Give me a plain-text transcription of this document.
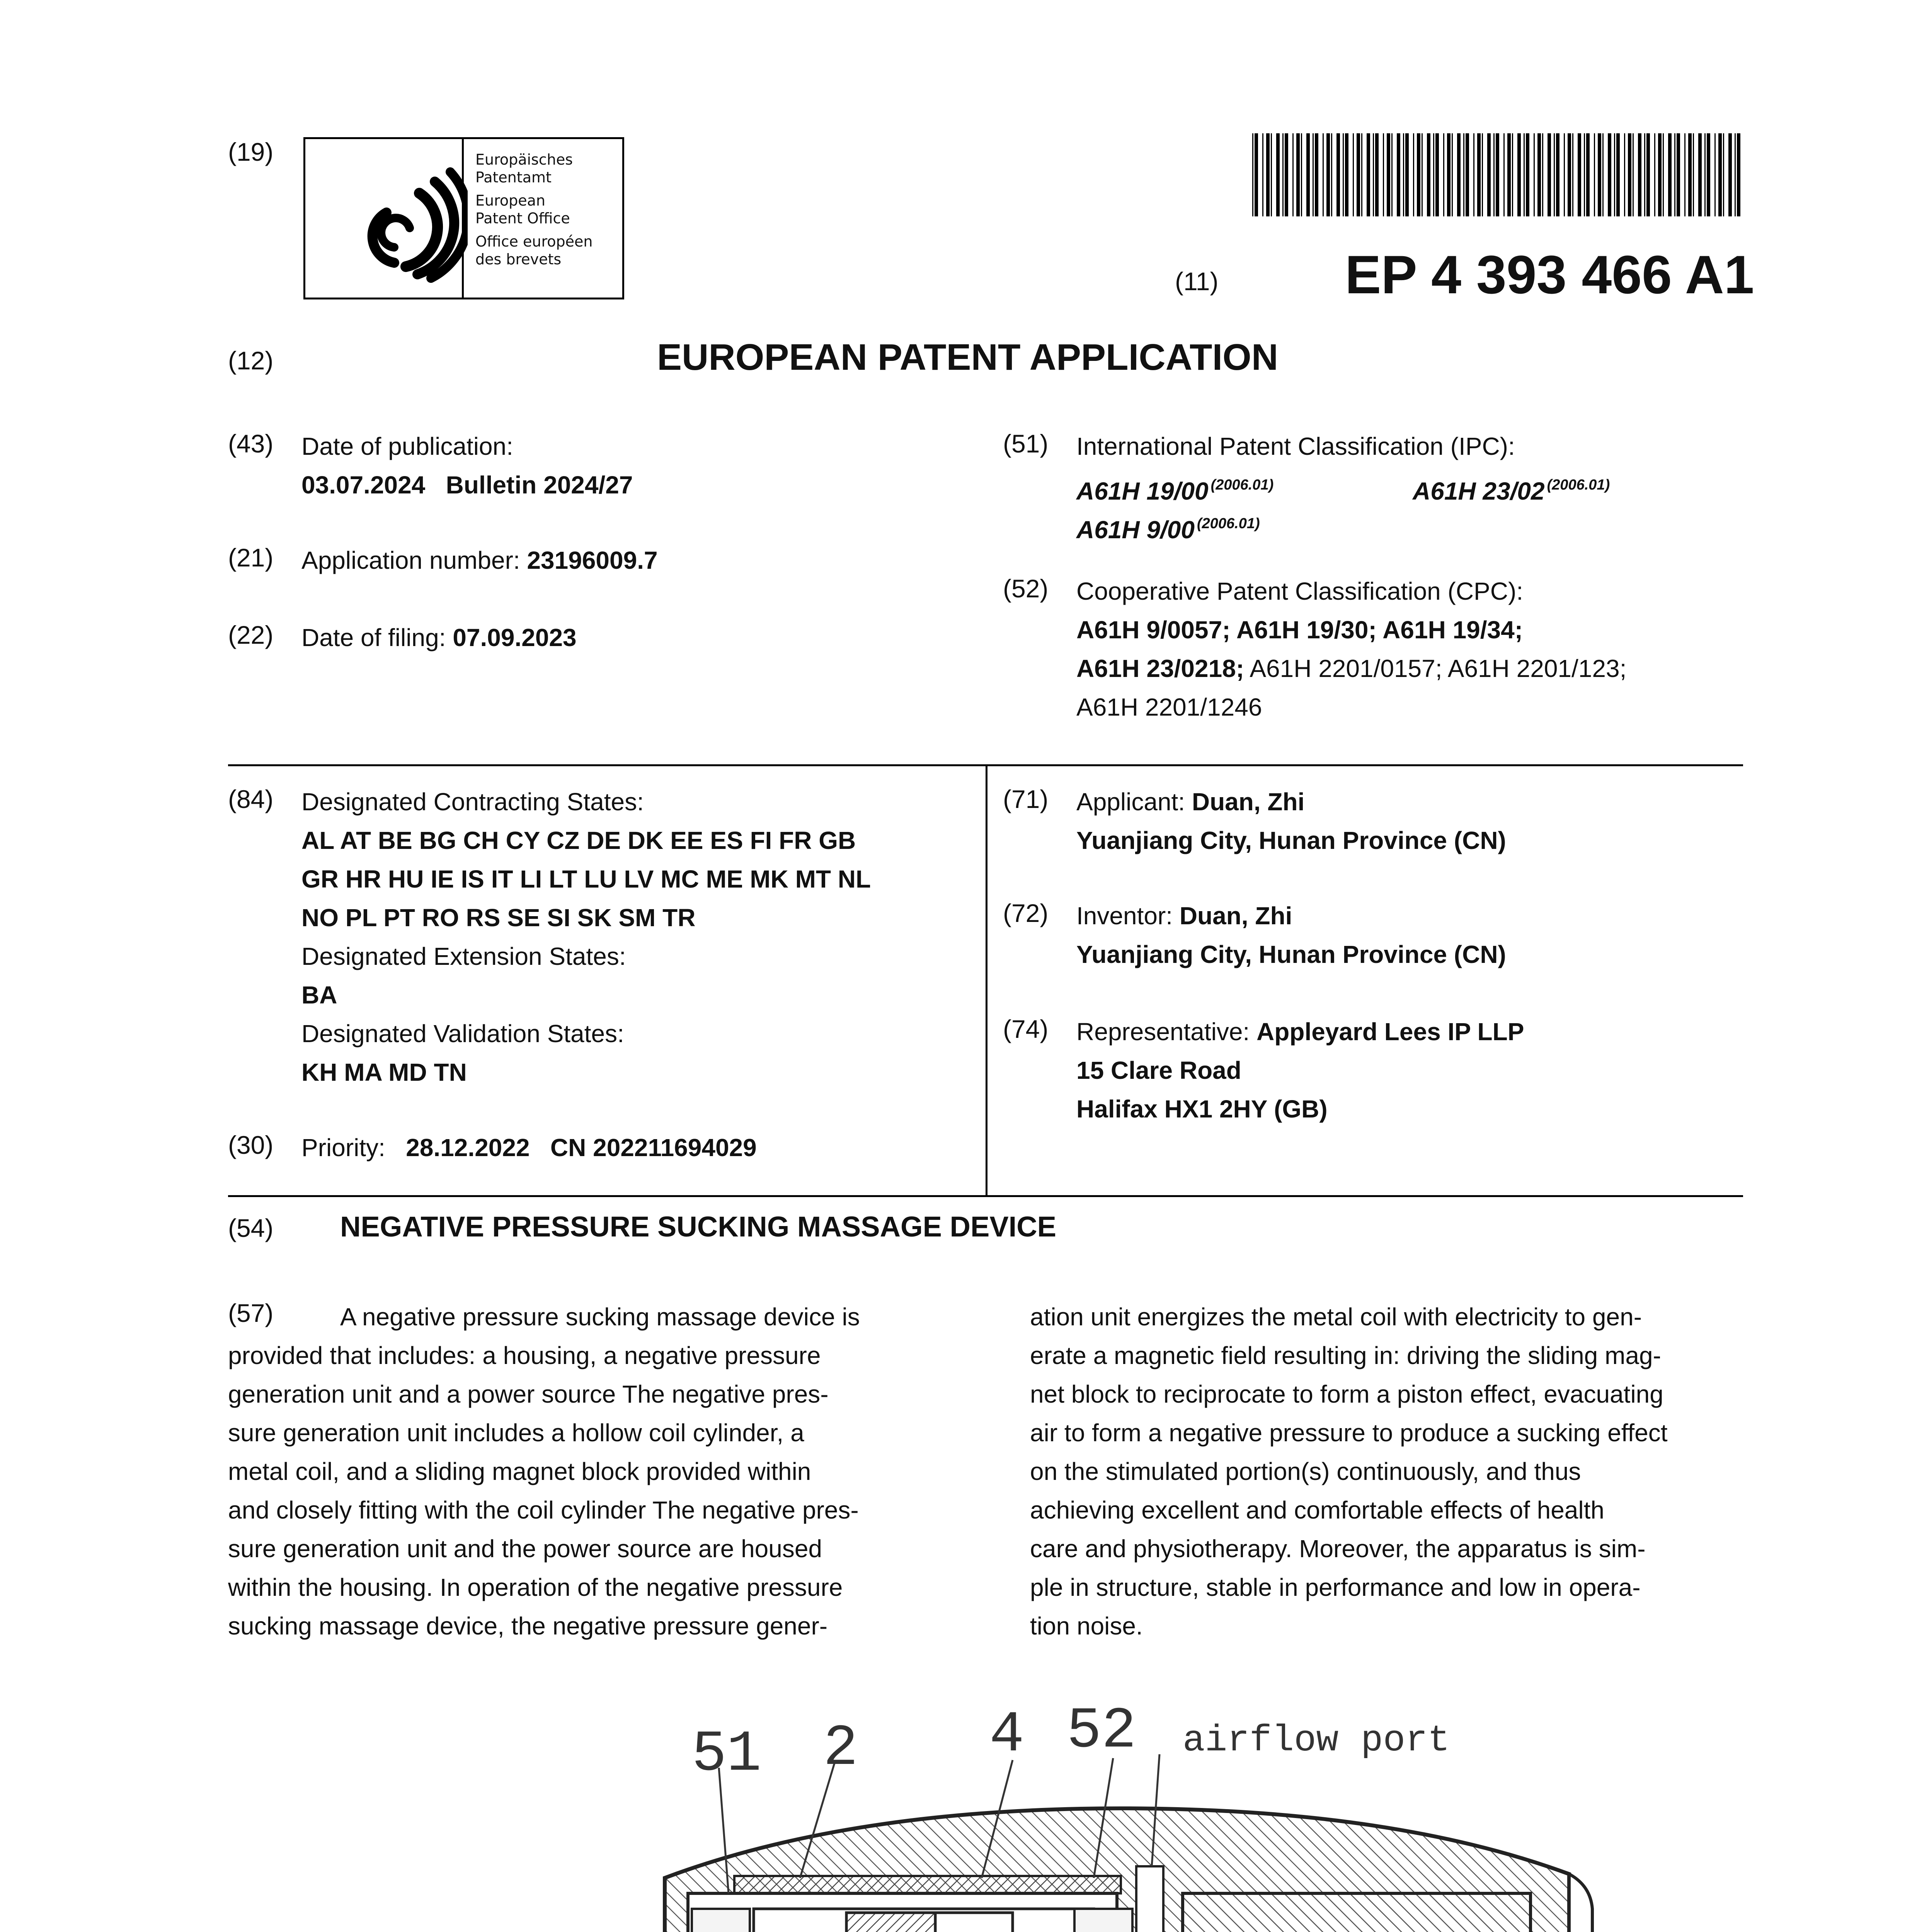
(19)	Europäisches
Patentamt
European
Patent Office
Office européen
des brevets
(11) EP 4 393 466 A1
(12)	EUROPEAN PATENT APPLICATION
(43) Date of publication:
03.07.2024   Bulletin 2024/27
(21) Application number: 23196009.7
(22) Date of filing: 07.09.2023
(51) International Patent Classification (IPC):
A61H 19/00 $^{(2006.01)}$	A61H 23/02 $^{(2006.01)}$
A61H 9/00 $^{(2006.01)}$
(52) Cooperative Patent Classification (CPC):
A61H 9/0057; A61H 19/30; A61H 19/34;
A61H 23/0218; A61H 2201/0157; A61H 2201/123;
A61H 2201/1246
(84) Designated Contracting States:
AL AT BE BG CH CY CZ DE DK EE ES FI FR GB
GR HR HU IE IS IT LI LT LU LV MC ME MK MT NL
NO PL PT RO RS SE SI SK SM TR
Designated Extension States:
BA
Designated Validation States:
KH MA MD TN
(30) Priority: 28.12.2022   CN 202211694029
(71) Applicant: Duan, Zhi
Yuanjiang City, Hunan Province (CN)
(72) Inventor: Duan, Zhi
Yuanjiang City, Hunan Province (CN)
(74) Representative: Appleyard Lees IP LLP
15 Clare Road
Halifax HX1 2HY (GB)
(54) NEGATIVE PRESSURE SUCKING MASSAGE DEVICE
(57)	A negative pressure sucking massage device is
provided that includes: a housing, a negative pressure
generation unit and a power source The negative pres-
sure generation unit includes a hollow coil cylinder, a
metal coil, and a sliding magnet block provided within
and closely fitting with the coil cylinder The negative pres-
sure generation unit and the power source are housed
within the housing. In operation of the negative pressure
sucking massage device, the negative pressure gener-
ation unit energizes the metal coil with electricity to gen-
erate a magnetic field resulting in: driving the sliding mag-
net block to reciprocate to form a piston effect, evacuating
air to form a negative pressure to produce a sucking effect
on the stimulated portion(s) continuously, and thus
achieving excellent and comfortable effects of health
care and physiotherapy. Moreover, the apparatus is sim-
ple in structure, stable in performance and low in opera-
tion noise.
51 2 4 52 airflow port
